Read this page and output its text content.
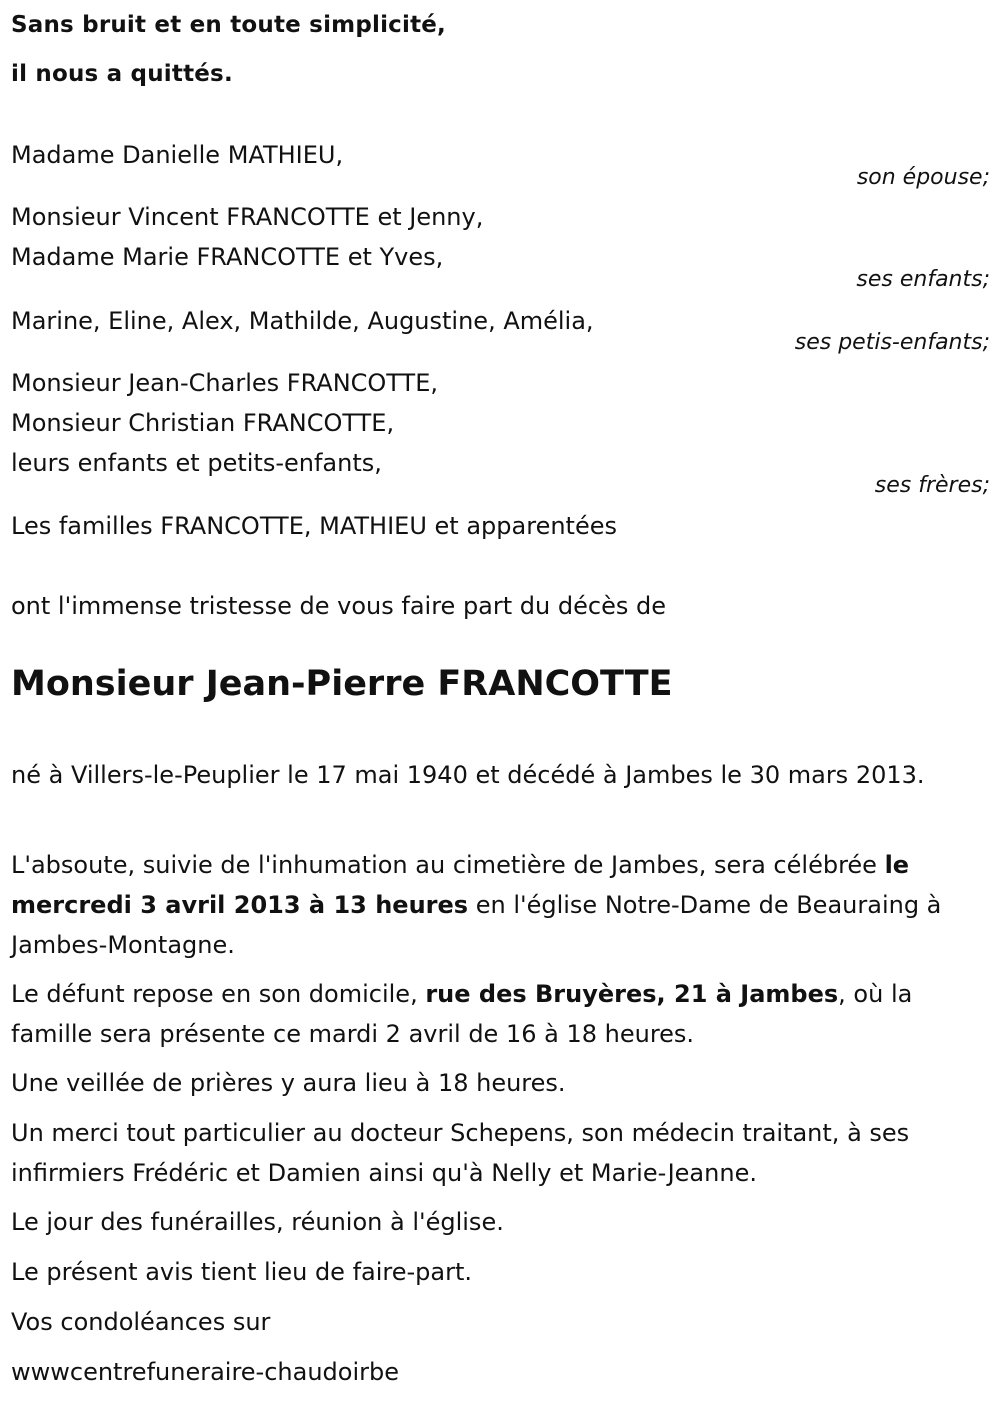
Sans bruit et en toute simplicité,
il nous a quittés.
Madame Danielle MATHIEU,
son épouse;
Monsieur Vincent FRANCOTTE et Jenny,
Madame Marie FRANCOTTE et Yves,
ses enfants;
Marine, Eline, Alex, Mathilde, Augustine, Amélia,
ses petis-enfants;
Monsieur Jean-Charles FRANCOTTE,
Monsieur Christian FRANCOTTE,
leurs enfants et petits-enfants,
ses frères;
Les familles FRANCOTTE, MATHIEU et apparentées
ont l'immense tristesse de vous faire part du décès de
Monsieur Jean-Pierre FRANCOTTE
né à Villers-le-Peuplier le 17 mai 1940 et décédé à Jambes le 30 mars 2013.
L'absoute, suivie de l'inhumation au cimetière de Jambes, sera célébrée le mercredi 3 avril 2013 à 13 heures en l'église Notre-Dame de Beauraing à Jambes-Montagne.
Le défunt repose en son domicile, rue des Bruyères, 21 à Jambes, où la famille sera présente ce mardi 2 avril de 16 à 18 heures.
Une veillée de prières y aura lieu à 18 heures.
Un merci tout particulier au docteur Schepens, son médecin traitant, à ses infirmiers Frédéric et Damien ainsi qu'à Nelly et Marie-Jeanne.
Le jour des funérailles, réunion à l'église.
Le présent avis tient lieu de faire-part.
Vos condoléances sur
wwwcentrefuneraire-chaudoirbe
